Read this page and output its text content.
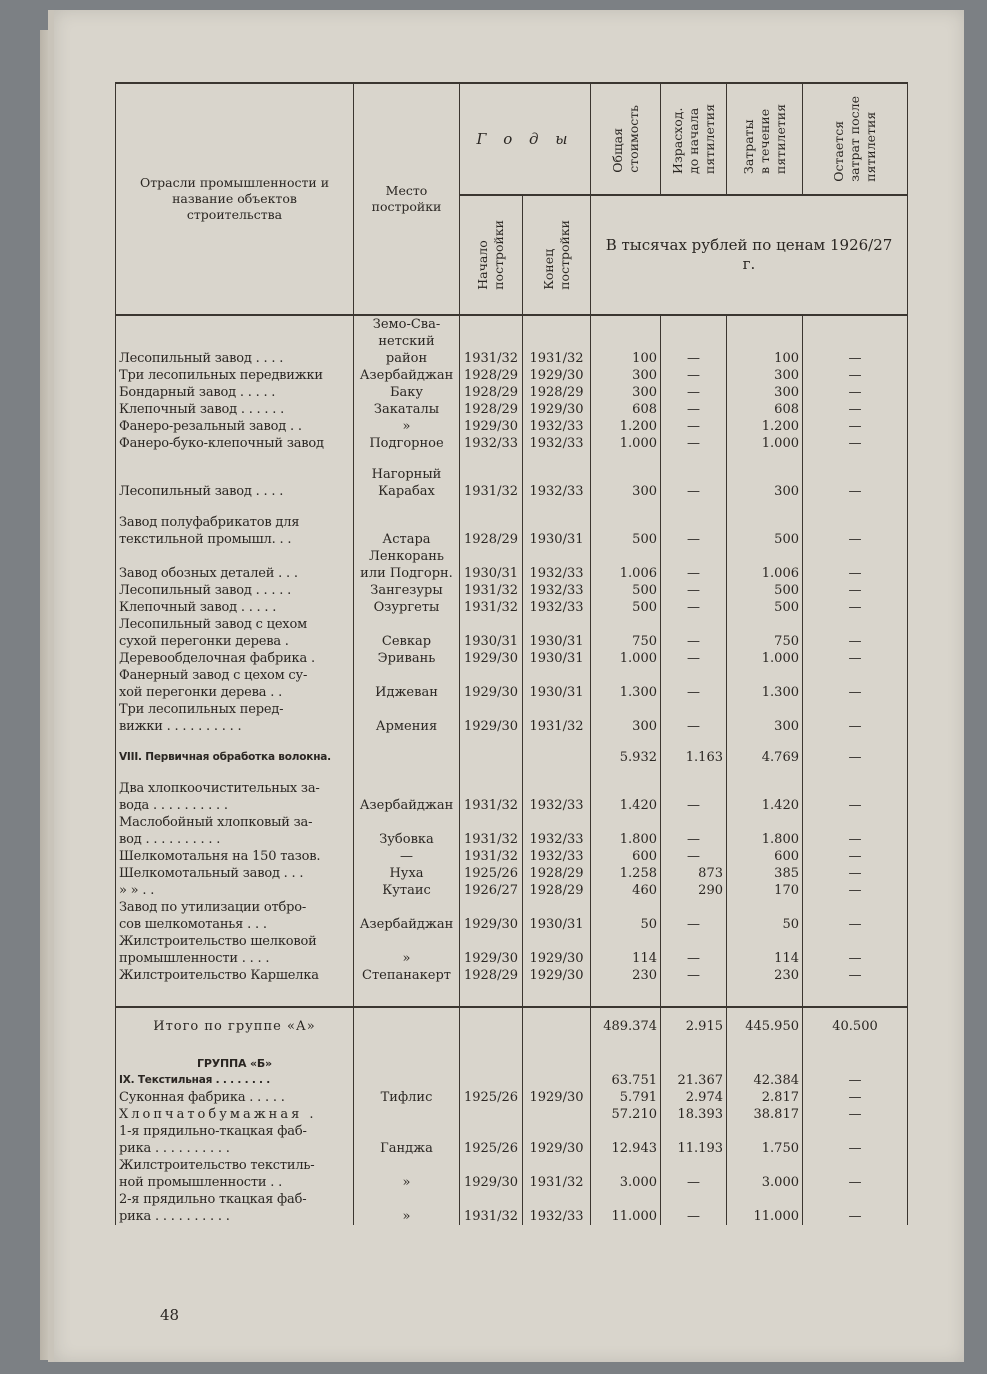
Отрасли промышленности и название объектов строительства	Место постройки	Г о д ы		Общая
стоимость	Израсход.
до начала
пятилетия	Затраты
в течение
пятилетия	Остается
затрат после
пятилетия

		Начало
постройки	Конец
постройки	В тысячах рублей по ценам 1926/27 г.			
Лесопильный завод . . . .	Земо-Сва-
нетский
район	1931/32	1931/32	100	—	100	—
Три лесопильных передвижки	Азербайджан	1928/29	1929/30	300	—	300	—
Бондарный завод . . . . .	Баку	1928/29	1928/29	300	—	300	—
Клепочный завод . . . . . .	Закаталы	1928/29	1929/30	608	—	608	—
Фанеро-резальный завод . .	»	1929/30	1932/33	1.200	—	1.200	—
Фанеро-буко-клепочный завод	Подгорное	1932/33	1932/33	1.000	—	1.000	—

Лесопильный завод . . . .	Нагорный
Карабах	1931/32	1932/33	300	—	300	—

Завод полуфабрикатов для
текстильной промышл. . .	Астара	1928/29	1930/31	500	—	500	—
Завод обозных деталей . . .	Ленкорань
или Подгорн.	1930/31	1932/33	1.006	—	1.006	—
Лесопильный завод . . . . .	Зангезуры	1931/32	1932/33	500	—	500	—
Клепочный завод . . . . .	Озургеты	1931/32	1932/33	500	—	500	—
Лесопильный завод с цехом
сухой перегонки дерева .	Севкар	1930/31	1930/31	750	—	750	—
Деревообделочная фабрика .	Эривань	1929/30	1930/31	1.000	—	1.000	—
Фанерный завод с цехом су-
хой перегонки дерева . .	Иджеван	1929/30	1930/31	1.300	—	1.300	—
Три лесопильных перед-
вижки . . . . . . . . . .	Армения	1929/30	1931/32	300	—	300	—

VIII. Первичная обработка волокна.				5.932	1.163	4.769	—

Два хлопкоочистительных за-
вода . . . . . . . . . .	Азербайджан	1931/32	1932/33	1.420	—	1.420	—
Маслобойный хлопковый за-
вод . . . . . . . . . .	Зубовка	1931/32	1932/33	1.800	—	1.800	—
Шелкомотальня на 150 тазов.	—	1931/32	1932/33	600	—	600	—
Шелкомотальный завод . . .	Нуха	1925/26	1928/29	1.258	873	385	—
» » . .	Кутаис	1926/27	1928/29	460	290	170	—
Завод по утилизации отбро-
сов шелкомотанья . . .	Азербайджан	1929/30	1930/31	50	—	50	—
Жилстроительство шелковой
промышленности . . . .	»	1929/30	1929/30	114	—	114	—
Жилстроительство Каршелка	Степанакерт	1928/29	1929/30	230	—	230	—

Итого по группе «А»				489.374	2.915	445.950	40.500
ГРУППА «Б»							
IX. Текстильная . . . . . . . .				63.751	21.367	42.384	—
Суконная фабрика . . . . .	Тифлис	1925/26	1929/30	5.791	2.974	2.817	—
Хлопчатобумажная .				57.210	18.393	38.817	—
1-я прядильно-ткацкая фаб-
рика . . . . . . . . . .	Ганджа	1925/26	1929/30	12.943	11.193	1.750	—
Жилстроительство текстиль-
ной промышленности . .	»	1929/30	1931/32	3.000	—	3.000	—
2-я прядильно ткацкая фаб-
рика . . . . . . . . . .	»	1931/32	1932/33	11.000	—	11.000	—
48
